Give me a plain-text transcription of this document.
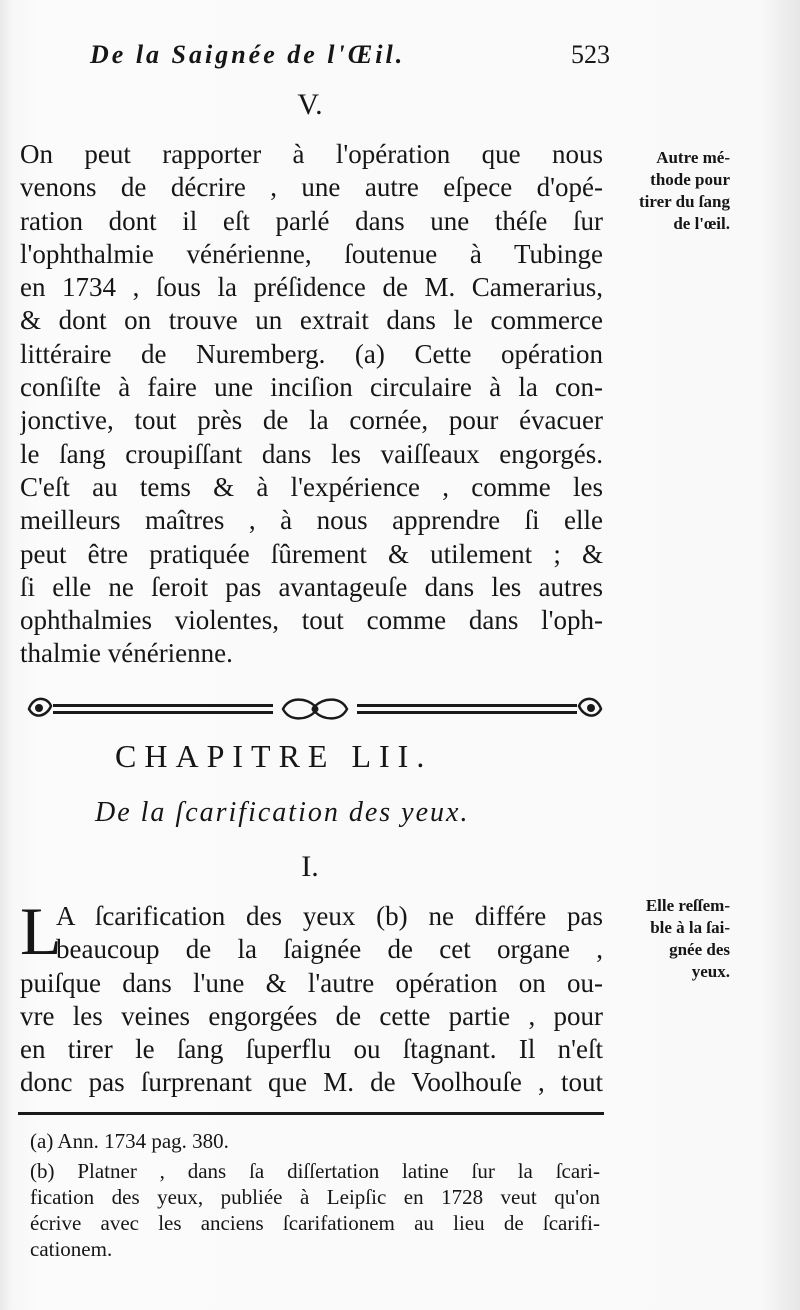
De la Saignée de l'Œil.	523
V.
On peut rapporter à l'opération que nous
venons de décrire , une autre eſpece d'opé-
ration dont il eſt parlé dans une théſe ſur
l'ophthalmie vénérienne, ſoutenue à Tubinge
en 1734 , ſous la préſidence de M. Camerarius,
& dont on trouve un extrait dans le commerce
littéraire de Nuremberg. (a) Cette opération
conſiſte à faire une inciſion circulaire à la con-
jonctive, tout près de la cornée, pour évacuer
le ſang croupiſſant dans les vaiſſeaux engorgés.
C'eſt au tems & à l'expérience , comme les
meilleurs maîtres , à nous apprendre ſi elle
peut être pratiquée ſûrement & utilement ; &
ſi elle ne ſeroit pas avantageuſe dans les autres
ophthalmies violentes, tout comme dans l'oph-
thalmie vénérienne.
Autre mé-
thode pour
tirer du ſang
de l'œil.
CHAPITRE LII.
De la ſcarification des yeux.
I.
L
A ſcarification des yeux (b) ne différe pas
beaucoup de la ſaignée de cet organe ,
puiſque dans l'une & l'autre opération on ou-
vre les veines engorgées de cette partie , pour
en tirer le ſang ſuperflu ou ſtagnant. Il n'eſt
donc pas ſurprenant que M. de Voolhouſe , tout
Elle reſſem-
ble à la ſai-
gnée des
yeux.
(a) Ann. 1734 pag. 380.
(b) Platner , dans ſa diſſertation latine ſur la ſcari-
fication des yeux, publiée à Leipſic en 1728 veut qu'on
écrive avec les anciens ſcarifationem au lieu de ſcarifi-
cationem.
